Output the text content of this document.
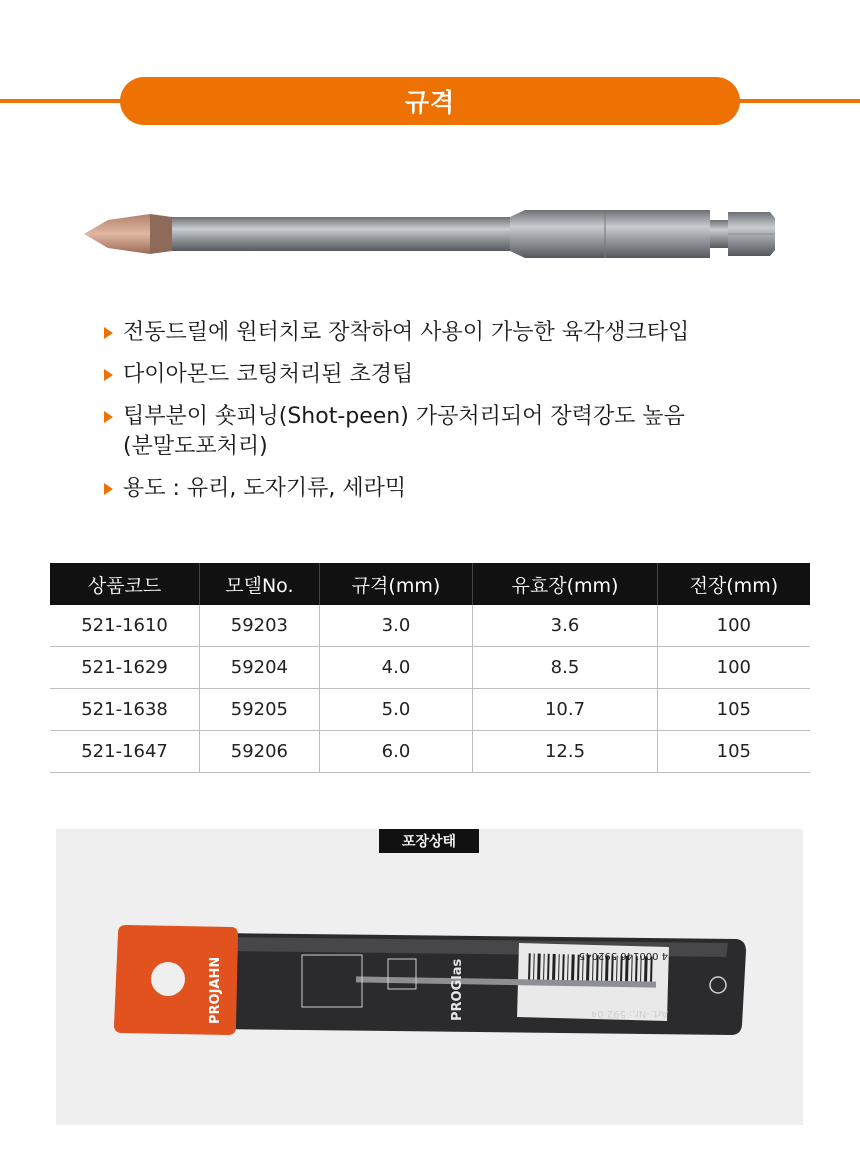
규격
전동드릴에 원터치로 장착하여 사용이 가능한 육각생크타입
다이아몬드 코팅처리된 초경팁
팁부분이 숏피닝(Shot-peen) 가공처리되어 장력강도 높음
(분말도포처리)
용도 : 유리, 도자기류, 세라믹
상품코드	모델No.	규격(mm)	유효장(mm)	전장(mm)
521-1610	59203	3.0	3.6	100
521-1629	59204	4.0	8.5	100
521-1638	59205	5.0	10.7	105
521-1647	59206	6.0	12.5	105
PROJAHN	PROGlas	Art.-Nr.: 592 04
4 000146 592045
포장상태
